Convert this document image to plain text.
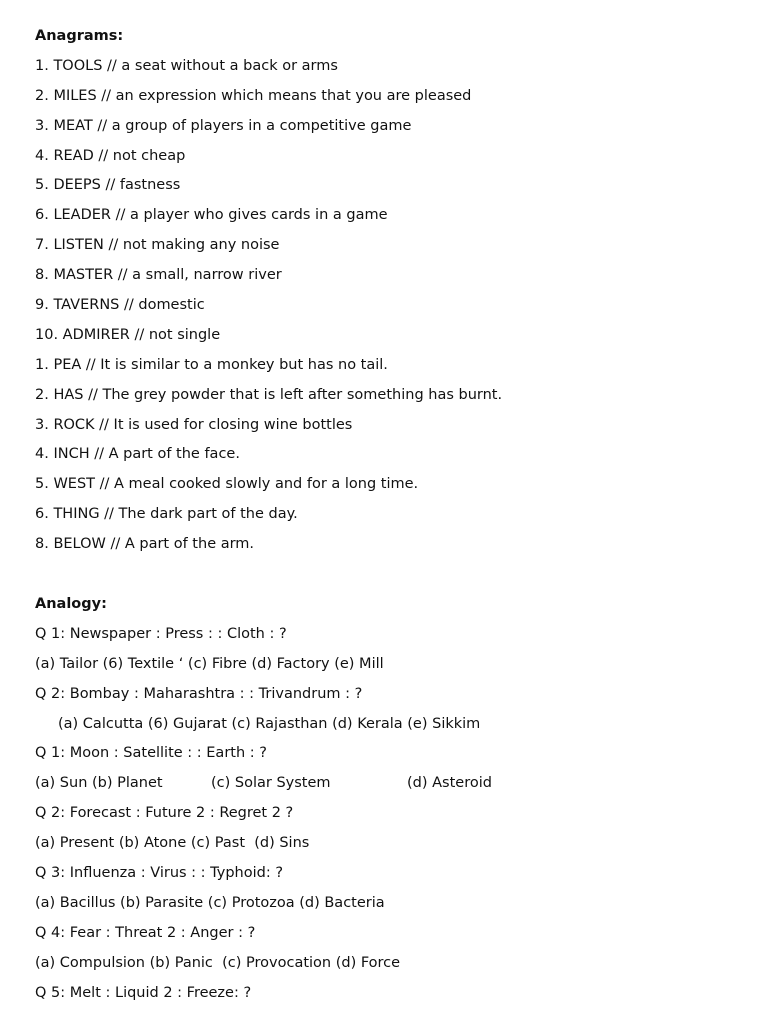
Anagrams:
1. TOOLS // a seat without a back or arms
2. MILES // an expression which means that you are pleased
3. MEAT // a group of players in a competitive game
4. READ // not cheap
5. DEEPS // fastness
6. LEADER // a player who gives cards in a game
7. LISTEN // not making any noise
8. MASTER // a small, narrow river
9. TAVERNS // domestic
10. ADMIRER // not single
1. PEA // It is similar to a monkey but has no tail.
2. HAS // The grey powder that is left after something has burnt.
3. ROCK // It is used for closing wine bottles
4. INCH // A part of the face.
5. WEST // A meal cooked slowly and for a long time.
6. THING // The dark part of the day.
8. BELOW // A part of the arm.
Analogy:
Q 1: Newspaper : Press : : Cloth : ?
(a) Tailor (6) Textile ‘ (c) Fibre (d) Factory (e) Mill
Q 2: Bombay : Maharashtra : : Trivandrum : ?
(a) Calcutta (6) Gujarat (c) Rajasthan (d) Kerala (e) Sikkim
Q 1: Moon : Satellite : : Earth : ?
(a) Sun (b) Planet	(c) Solar System	(d) Asteroid
Q 2: Forecast : Future 2 : Regret 2 ?
(a) Present (b) Atone (c) Past  (d) Sins
Q 3: Influenza : Virus : : Typhoid: ?
(a) Bacillus (b) Parasite (c) Protozoa (d) Bacteria
Q 4: Fear : Threat 2 : Anger : ?
(a) Compulsion (b) Panic  (c) Provocation (d) Force
Q 5: Melt : Liquid 2 : Freeze: ?
